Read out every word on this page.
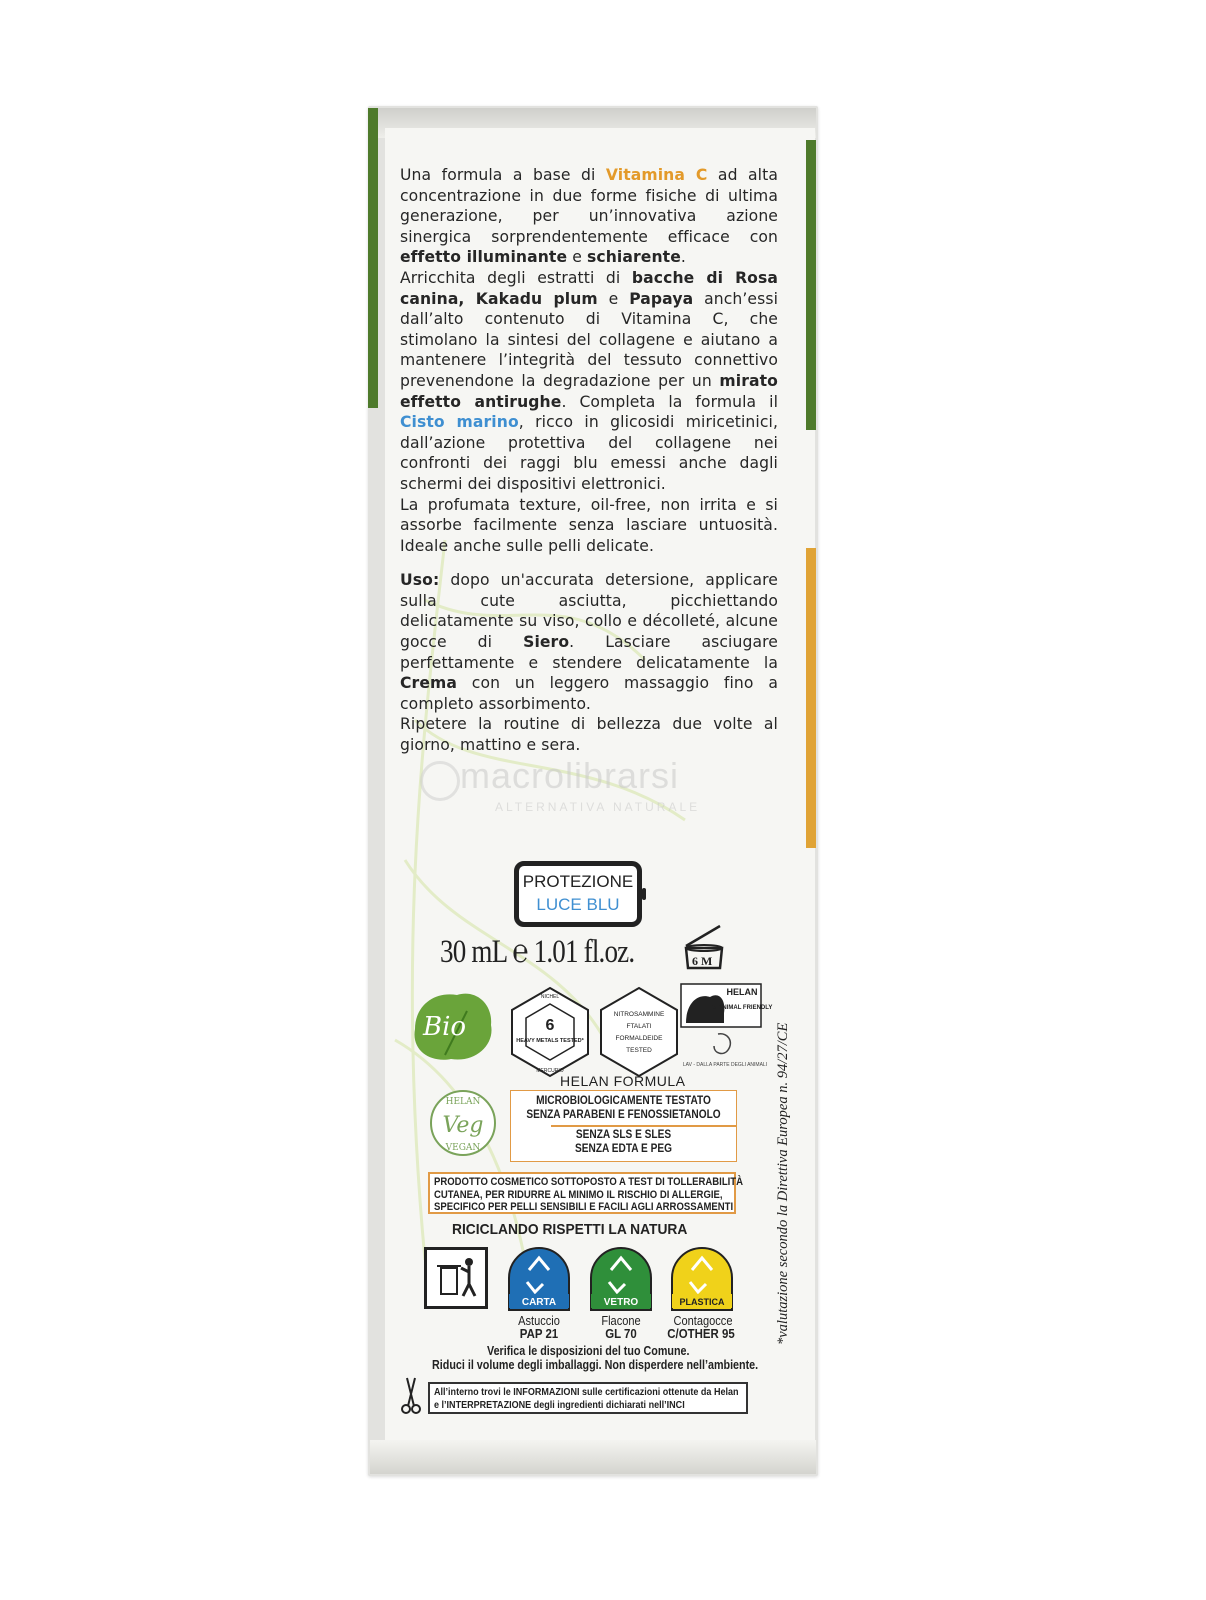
Una formula a base di Vitamina C ad alta concentrazione in due forme fisiche di ultima generazione, per un’innovativa azione sinergica sorprendentemente efficace con effetto illuminante e schiarente.

Arricchita degli estratti di bacche di Rosa canina, Kakadu plum e Papaya anch’essi dall’alto contenuto di Vitamina C, che stimolano la sintesi del collagene e aiutano a mantenere l’integrità del tessuto connettivo prevenendone la degradazione per un mirato effetto antirughe. Completa la formula il Cisto marino, ricco in glicosidi miricetinici, dall’azione protettiva del collagene nei confronti dei raggi blu emessi anche dagli schermi dei dispositivi elettronici.

La profumata texture, oil-free, non irrita e si assorbe facilmente senza lasciare untuosità. Ideale anche sulle pelli delicate.

Uso: dopo un'accurata detersione, applicare sulla cute asciutta, picchiettando delicatamente su viso, collo e décolleté, alcune gocce di Siero. Lasciare asciugare perfettamente e stendere delicatamente la Crema con un leggero massaggio fino a completo assorbimento.

Ripetere la routine di bellezza due volte al giorno, mattino e sera.

macrolibrarsi
ALTERNATIVA NATURALE
PROTEZIONE
LUCE BLU
30 mL ℮ 1.01 fl.oz.	6 M
Bio
HELAN
Veg
VEGAN
6
HEAVY METALS TESTED*
NICHEL
MERCURIO
NITROSAMMINE
FTALATI
FORMALDEIDE
TESTED
HELAN
is ANIMAL FRIENDLY
LAV - DALLA PARTE DEGLI ANIMALI
HELAN FORMULA
MICROBIOLOGICAMENTE TESTATO
SENZA PARABENI E FENOSSIETANOLO
SENZA SLS E SLES
SENZA EDTA E PEG
PRODOTTO COSMETICO SOTTOPOSTO A TEST DI TOLLERABILITÀ
CUTANEA, PER RIDURRE AL MINIMO IL RISCHIO DI ALLERGIE,
SPECIFICO PER PELLI SENSIBILI E FACILI AGLI ARROSSAMENTI
RICICLANDO RISPETTI LA NATURA
CARTA	VETRO	PLASTICA
Astuccio
PAP 21
Flacone
GL 70
Contagocce
C/OTHER 95
Verifica le disposizioni del tuo Comune.
Riduci il volume degli imballaggi. Non disperdere nell’ambiente.
All’interno trovi le INFORMAZIONI sulle certificazioni ottenute da Helan
e l’INTERPRETAZIONE degli ingredienti dichiarati nell’INCI
*valutazione secondo la Direttiva Europea n. 94/27/CE
